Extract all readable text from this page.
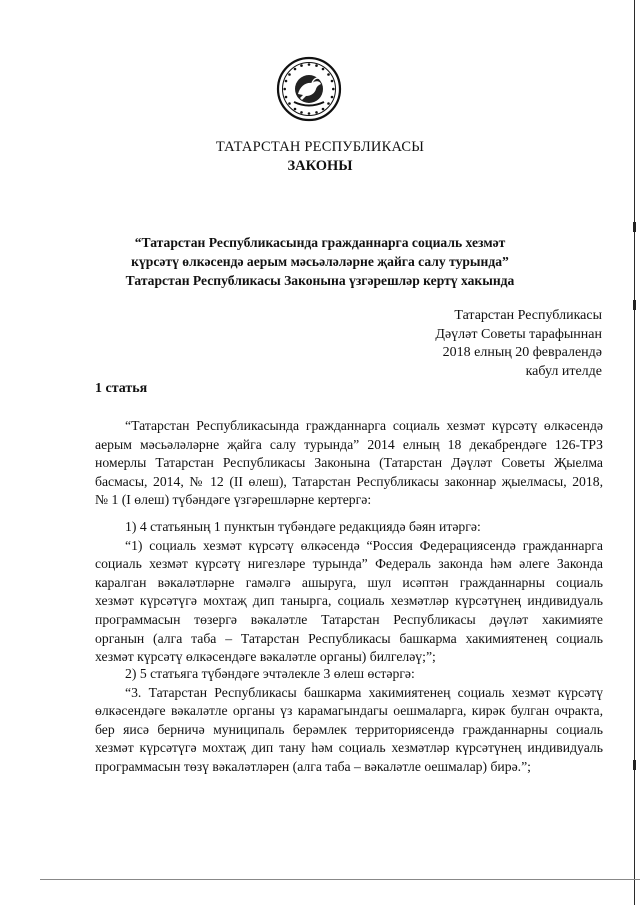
ТАТАРСТАН РЕСПУБЛИКАСЫ
ЗАКОНЫ
“Татарстан Республикасында гражданнарга социаль хезмәт
күрсәтү өлкәсендә аерым мәсьәләләрне җайга салу турында”
Татарстан Республикасы Законына үзгәрешләр кертү хакында
Татарстан Республикасы
Дәүләт Советы тарафыннан
2018 елның 20 февралендә
кабул ителде
1 статья
“Татарстан Республикасында гражданнарга социаль хезмәт күрсәтү өлкәсендә
аерым мәсьәләләрне җайга салу турында” 2014 елның 18 декабрендәге 126-ТРЗ
номерлы Татарстан Республикасы Законына (Татарстан Дәүләт Советы Җыелма
басмасы, 2014, № 12 (II өлеш), Татарстан Республикасы законнар җыелмасы, 2018,
№ 1 (I өлеш) түбәндәге үзгәрешләрне кертергә:
1) 4 статьяның 1 пунктын түбәндәге редакциядә бәян итәргә:
“1) социаль хезмәт күрсәтү өлкәсендә “Россия Федерациясендә гражданнарга
социаль хезмәт күрсәтү нигезләре турында” Федераль законда һәм әлеге Законда
каралган вәкаләтләрне гамәлгә ашыруга, шул исәптән гражданнарны социаль
хезмәт күрсәтүгә мохтаҗ дип танырга, социаль хезмәтләр күрсәтүнең индивидуаль
программасын төзергә вәкаләтле Татарстан Республикасы дәүләт хакимияте
органын (алга таба – Татарстан Республикасы башкарма хакимиятенең социаль
хезмәт күрсәтү өлкәсендәге вәкаләтле органы) билгеләү;”;
2) 5 статьяга түбәндәге эчтәлекле 3 өлеш өстәргә:
“3. Татарстан Республикасы башкарма хакимиятенең социаль хезмәт күрсәтү
өлкәсендәге вәкаләтле органы үз карамагындагы оешмаларга, кирәк булган очракта,
бер яисә берничә муниципаль берәмлек территориясендә гражданнарны социаль
хезмәт күрсәтүгә мохтаҗ дип тану һәм социаль хезмәтләр күрсәтүнең индивидуаль
программасын төзү вәкаләтләрен (алга таба – вәкаләтле оешмалар) бирә.”;
